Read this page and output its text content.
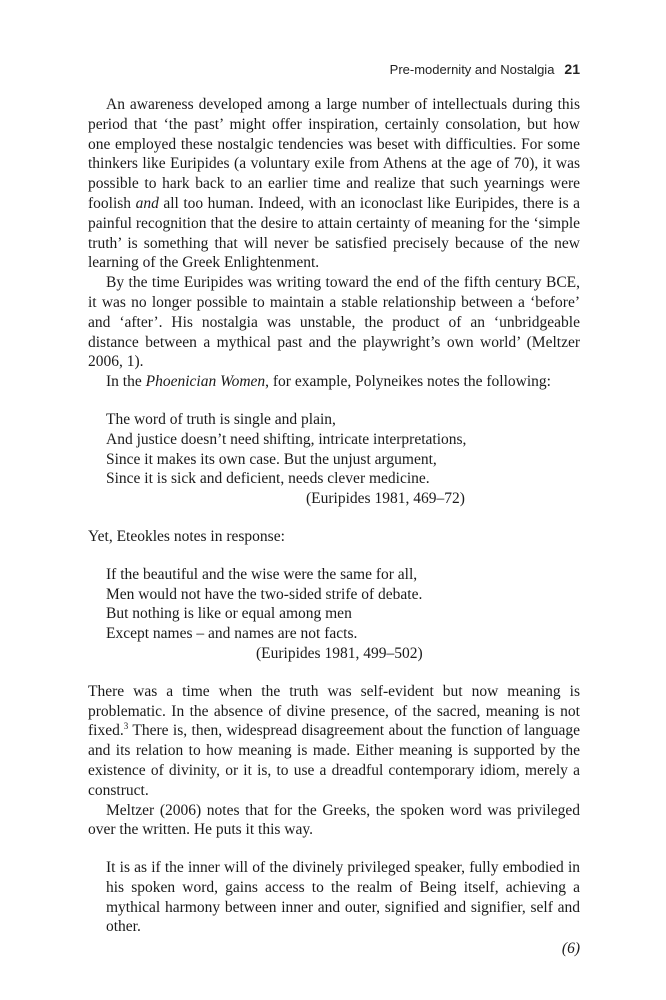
Pre-modernity and Nostalgia 21

An awareness developed among a large number of intellectuals during this period that ‘the past’ might offer inspiration, certainly consolation, but how one employed these nostalgic tendencies was beset with difficulties. For some thinkers like Euripides (a voluntary exile from Athens at the age of 70), it was possible to hark back to an earlier time and realize that such yearnings were foolish and all too human. Indeed, with an iconoclast like Euripides, there is a painful recognition that the desire to attain certainty of meaning for the ‘simple truth’ is something that will never be satisfied precisely because of the new learning of the Greek Enlightenment.

By the time Euripides was writing toward the end of the fifth century BCE, it was no longer possible to maintain a stable relationship between a ‘before’ and ‘after’. His nostalgia was unstable, the product of an ‘unbridgeable distance between a mythical past and the playwright’s own world’ (Meltzer 2006, 1).

In the Phoenician Women, for example, Polyneikes notes the following:

The word of truth is single and plain,
And justice doesn’t need shifting, intricate interpretations,
Since it makes its own case. But the unjust argument,
Since it is sick and deficient, needs clever medicine.
(Euripides 1981, 469–72)

Yet, Eteokles notes in response:

If the beautiful and the wise were the same for all,
Men would not have the two-sided strife of debate.
But nothing is like or equal among men
Except names – and names are not facts.
(Euripides 1981, 499–502)

There was a time when the truth was self-evident but now meaning is problematic. In the absence of divine presence, of the sacred, meaning is not fixed.$^3$ There is, then, widespread disagreement about the function of language and its relation to how meaning is made. Either meaning is supported by the existence of divinity, or it is, to use a dreadful contemporary idiom, merely a construct.

Meltzer (2006) notes that for the Greeks, the spoken word was privileged over the written. He puts it this way.

It is as if the inner will of the divinely privileged speaker, fully embodied in his spoken word, gains access to the realm of Being itself, achieving a mythical harmony between inner and outer, signified and signifier, self and other.

(6)
